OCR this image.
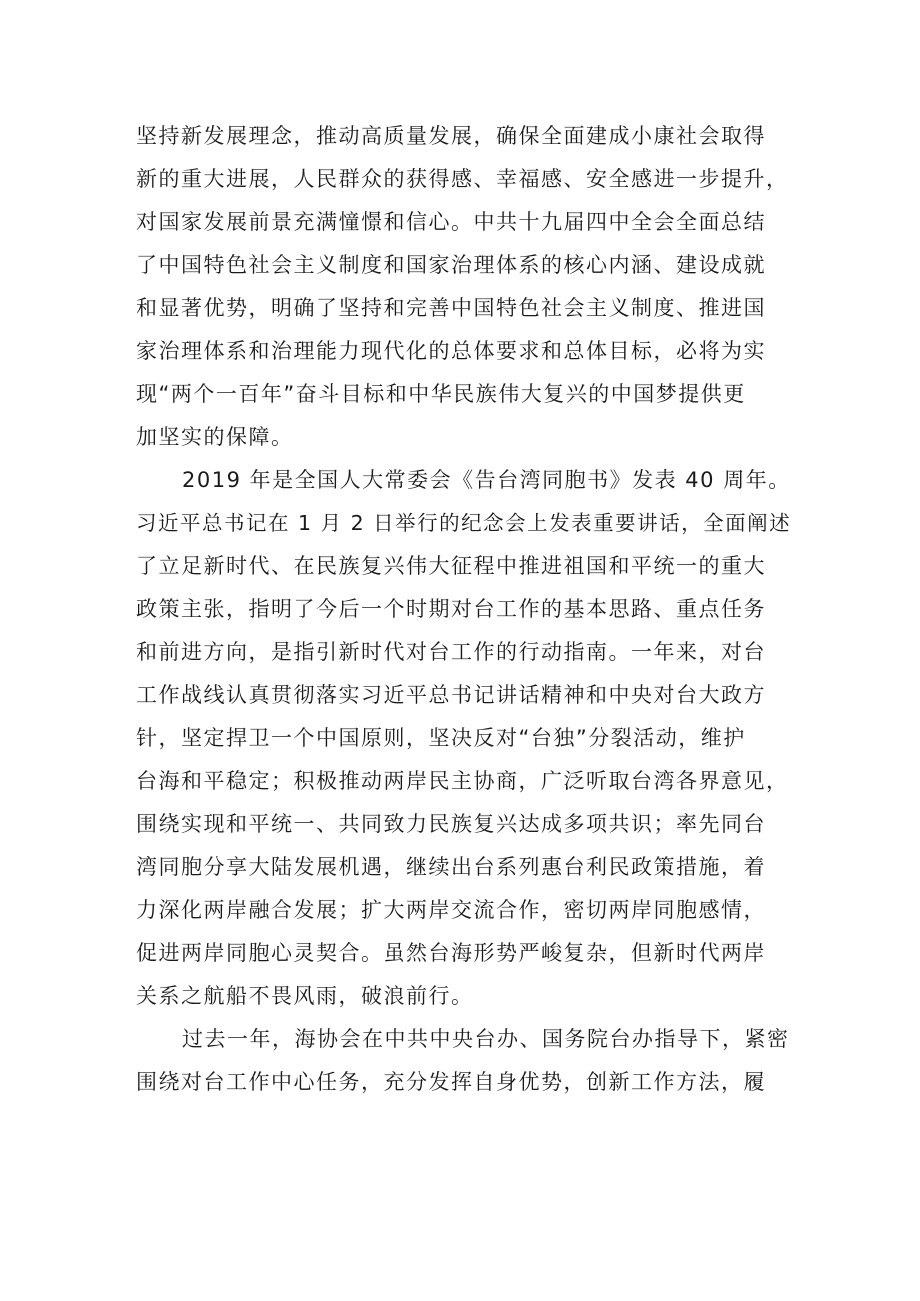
坚持新发展理念，推动高质量发展，确保全面建成小康社会取得
新的重大进展，人民群众的获得感、幸福感、安全感进一步提升，
对国家发展前景充满憧憬和信心。中共十九届四中全会全面总结
了中国特色社会主义制度和国家治理体系的核心内涵、建设成就
和显著优势，明确了坚持和完善中国特色社会主义制度、推进国
家治理体系和治理能力现代化的总体要求和总体目标，必将为实
现“两个一百年”奋斗目标和中华民族伟大复兴的中国梦提供更
加坚实的保障。
2019 年是全国人大常委会《告台湾同胞书》发表 40 周年。
习近平总书记在 1 月 2 日举行的纪念会上发表重要讲话，全面阐述
了立足新时代、在民族复兴伟大征程中推进祖国和平统一的重大
政策主张，指明了今后一个时期对台工作的基本思路、重点任务
和前进方向，是指引新时代对台工作的行动指南。一年来，对台
工作战线认真贯彻落实习近平总书记讲话精神和中央对台大政方
针，坚定捍卫一个中国原则，坚决反对“台独”分裂活动，维护
台海和平稳定；积极推动两岸民主协商，广泛听取台湾各界意见，
围绕实现和平统一、共同致力民族复兴达成多项共识；率先同台
湾同胞分享大陆发展机遇，继续出台系列惠台利民政策措施，着
力深化两岸融合发展；扩大两岸交流合作，密切两岸同胞感情，
促进两岸同胞心灵契合。虽然台海形势严峻复杂，但新时代两岸
关系之航船不畏风雨，破浪前行。
过去一年，海协会在中共中央台办、国务院台办指导下，紧密
围绕对台工作中心任务，充分发挥自身优势，创新工作方法，履
